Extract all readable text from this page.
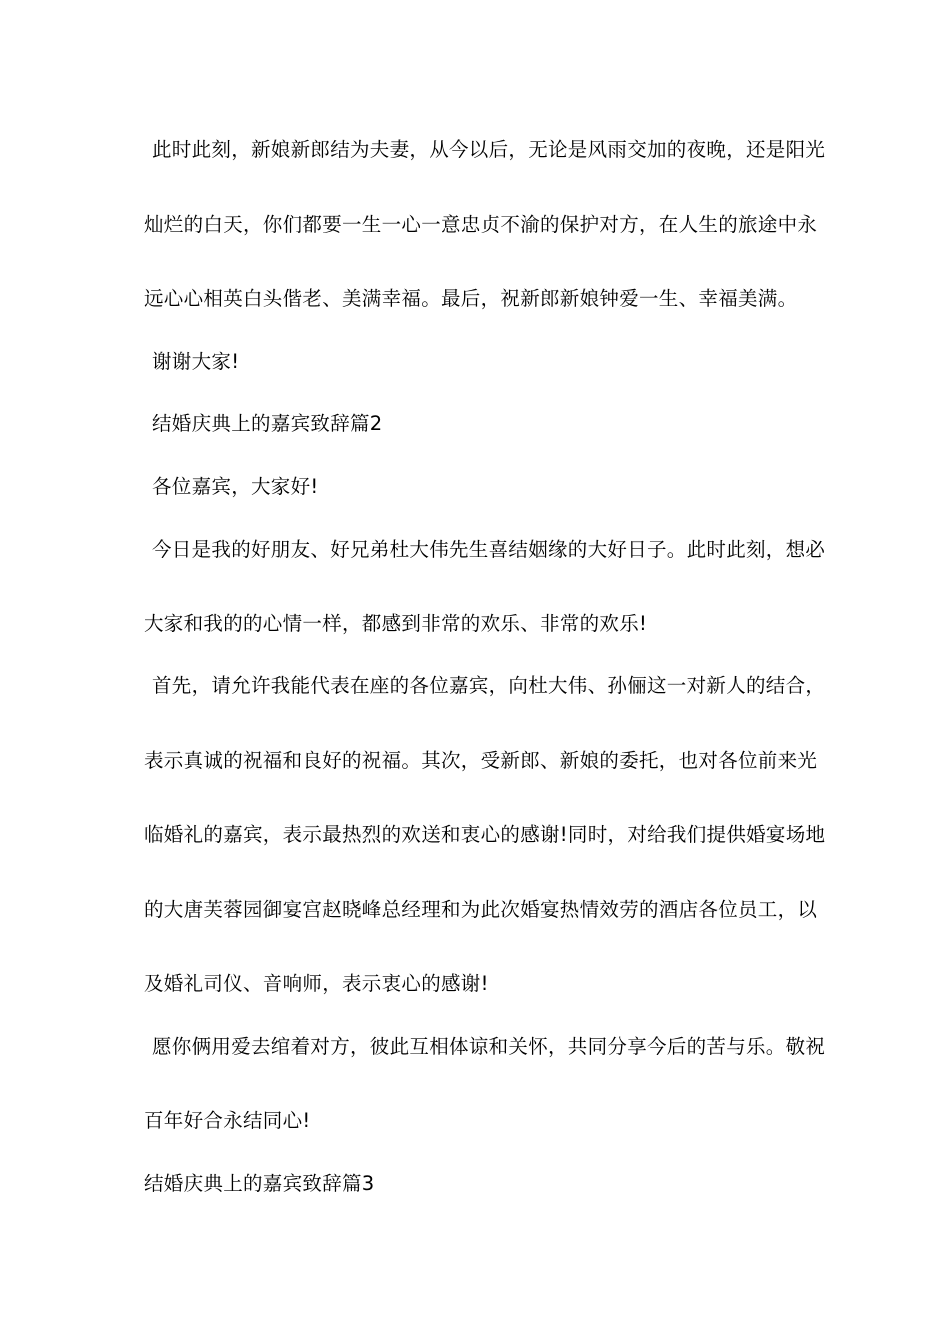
此时此刻，新娘新郎结为夫妻，从今以后，无论是风雨交加的夜晚，还是阳光
灿烂的白天，你们都要一生一心一意忠贞不渝的保护对方，在人生的旅途中永
远心心相英白头偕老、美满幸福。最后，祝新郎新娘钟爱一生、幸福美满。
谢谢大家!
结婚庆典上的嘉宾致辞篇2
各位嘉宾，大家好!
今日是我的好朋友、好兄弟杜大伟先生喜结姻缘的大好日子。此时此刻，想必
大家和我的的心情一样，都感到非常的欢乐、非常的欢乐!
首先，请允许我能代表在座的各位嘉宾，向杜大伟、孙俪这一对新人的结合，
表示真诚的祝福和良好的祝福。其次，受新郎、新娘的委托，也对各位前来光
临婚礼的嘉宾，表示最热烈的欢送和衷心的感谢!同时，对给我们提供婚宴场地
的大唐芙蓉园御宴宫赵晓峰总经理和为此次婚宴热情效劳的酒店各位员工，以
及婚礼司仪、音响师，表示衷心的感谢!
愿你俩用爱去绾着对方，彼此互相体谅和关怀，共同分享今后的苦与乐。敬祝
百年好合永结同心!
结婚庆典上的嘉宾致辞篇3
